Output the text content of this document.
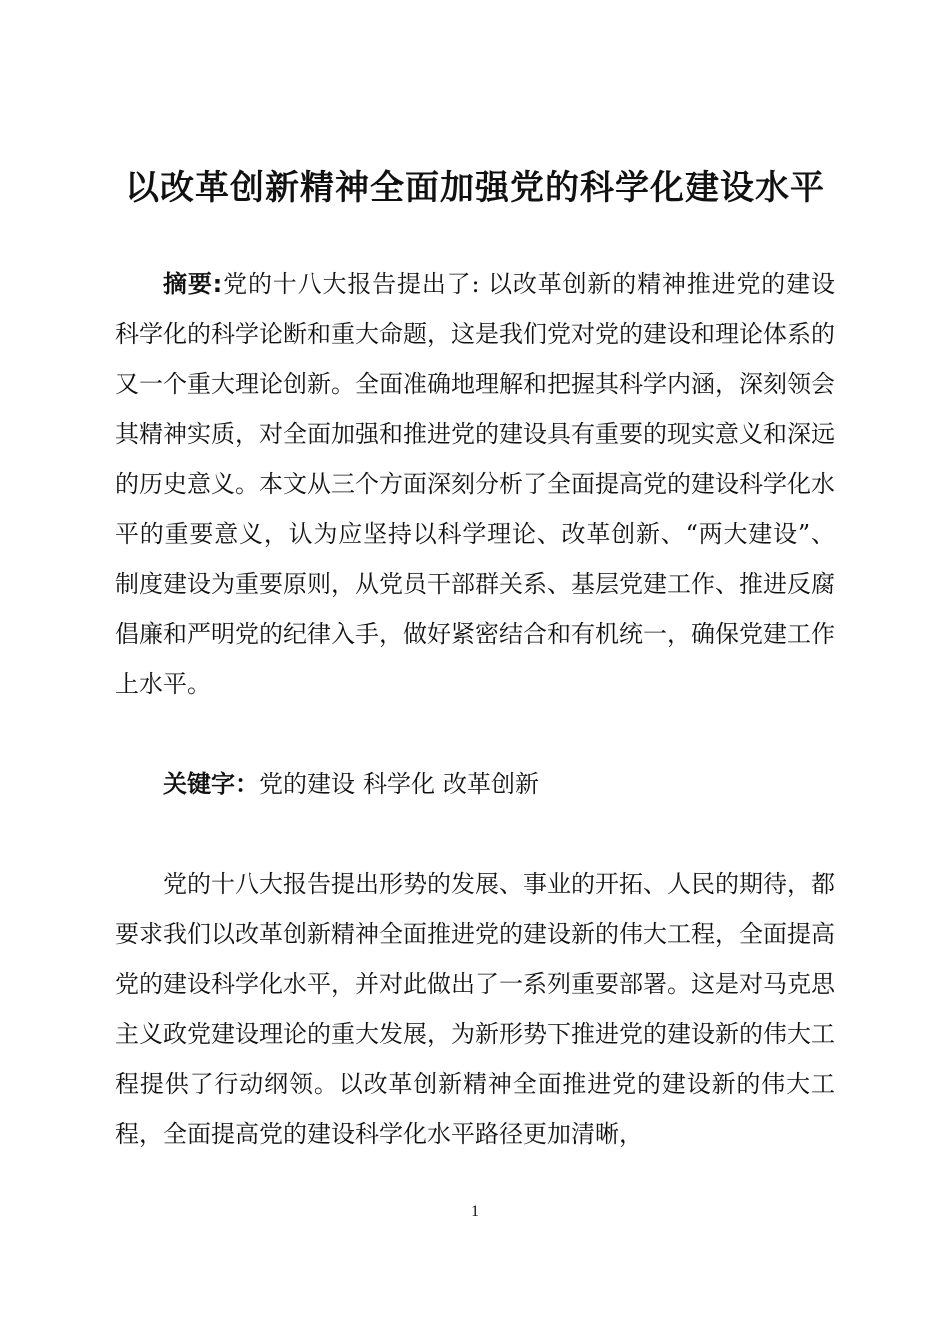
以改革创新精神全面加强党的科学化建设水平

摘要:党的十八大报告提出了: 以改革创新的精神推进党的建设科学化的科学论断和重大命题，这是我们党对党的建设和理论体系的又一个重大理论创新。全面准确地理解和把握其科学内涵，深刻领会其精神实质，对全面加强和推进党的建设具有重要的现实意义和深远的历史意义。本文从三个方面深刻分析了全面提高党的建设科学化水平的重要意义，认为应坚持以科学理论、改革创新、“两大建设”、制度建设为重要原则，从党员干部群关系、基层党建工作、推进反腐倡廉和严明党的纪律入手，做好紧密结合和有机统一，确保党建工作上水平。

关键字：党的建设 科学化 改革创新

党的十八大报告提出形势的发展、事业的开拓、人民的期待，都要求我们以改革创新精神全面推进党的建设新的伟大工程，全面提高党的建设科学化水平，并对此做出了一系列重要部署。这是对马克思主义政党建设理论的重大发展，为新形势下推进党的建设新的伟大工程提供了行动纲领。以改革创新精神全面推进党的建设新的伟大工程，全面提高党的建设科学化水平路径更加清晰，

1
